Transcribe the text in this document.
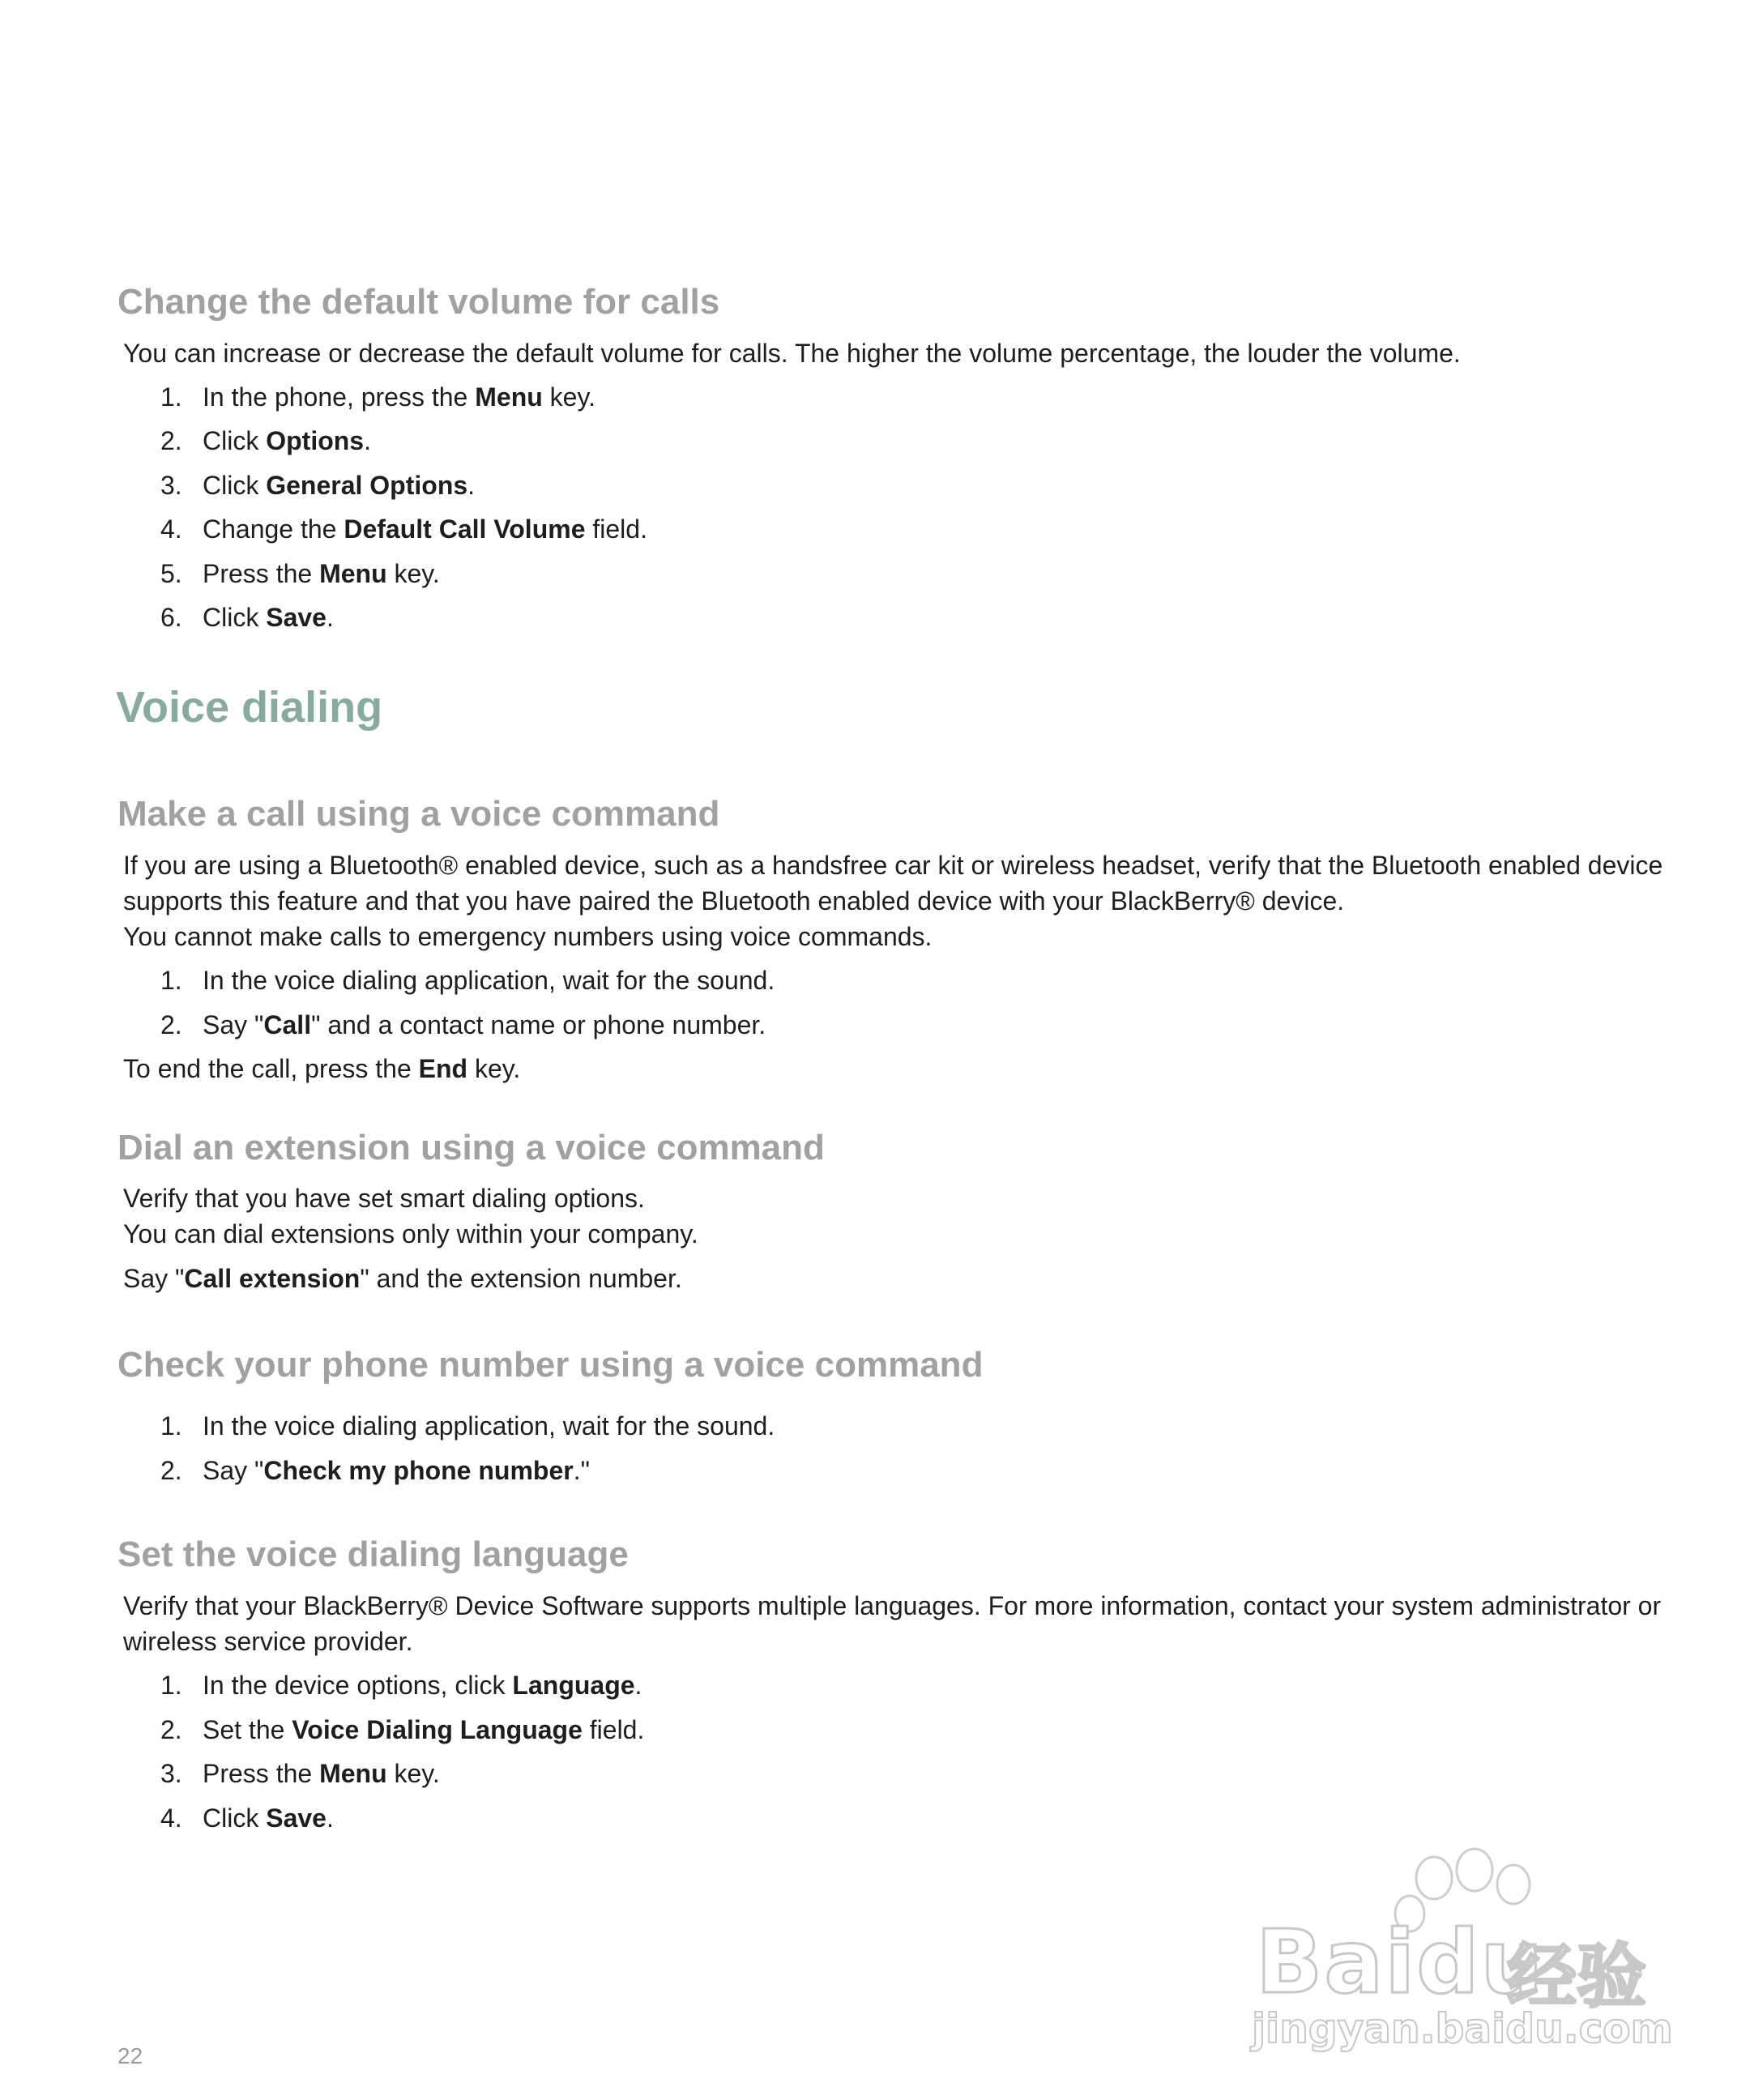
Change the default volume for calls

You can increase or decrease the default volume for calls. The higher the volume percentage, the louder the volume.

1. In the phone, press the Menu key.

2. Click Options.

3. Click General Options.

4. Change the Default Call Volume field.

5. Press the Menu key.

6. Click Save.

Voice dialing
Make a call using a voice command

If you are using a Bluetooth® enabled device, such as a handsfree car kit or wireless headset, verify that the Bluetooth enabled device

supports this feature and that you have paired the Bluetooth enabled device with your BlackBerry® device.

You cannot make calls to emergency numbers using voice commands.

1. In the voice dialing application, wait for the sound.

2. Say "Call" and a contact name or phone number.

To end the call, press the End key.

Dial an extension using a voice command

Verify that you have set smart dialing options.

You can dial extensions only within your company.

Say "Call extension" and the extension number.

Check your phone number using a voice command

1. In the voice dialing application, wait for the sound.

2. Say "Check my phone number."

Set the voice dialing language

Verify that your BlackBerry® Device Software supports multiple languages. For more information, contact your system administrator or

wireless service provider.

1. In the device options, click Language.

2. Set the Voice Dialing Language field.

3. Press the Menu key.

4. Click Save.

Baidu
经验
jingyan.baidu.com
22
